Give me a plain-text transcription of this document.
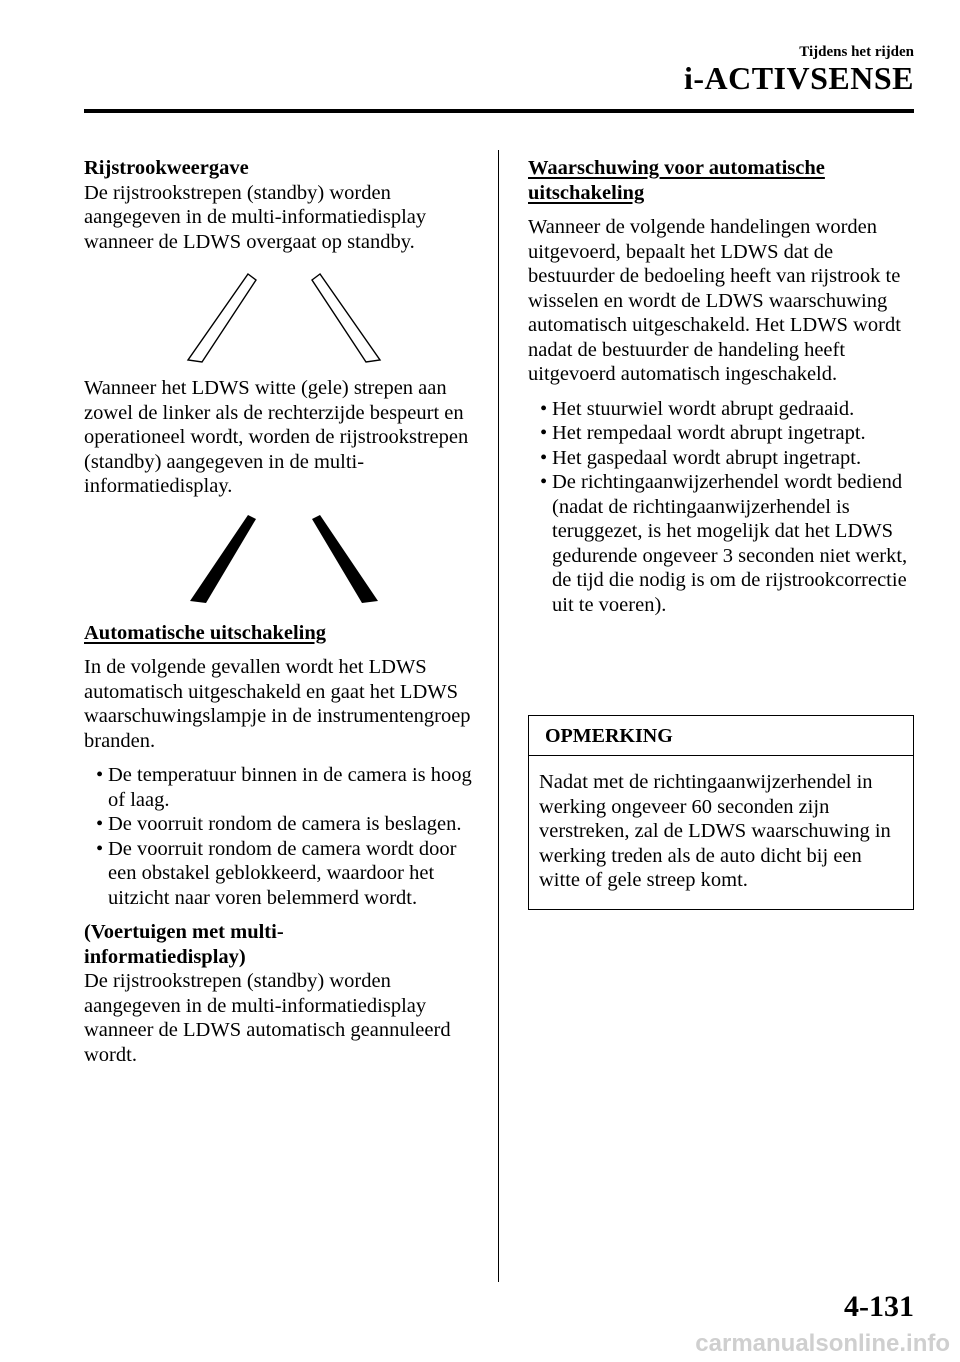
Tijdens het rijden
i-ACTIVSENSE

Rijstrookweergave

De rijstrookstrepen (standby) worden aangegeven in de multi-informatiedisplay wanneer de LDWS overgaat op standby.

Wanneer het LDWS witte (gele) strepen aan zowel de linker als de rechterzijde bespeurt en operationeel wordt, worden de rijstrookstrepen (standby) aangegeven in de multi-informatiedisplay.

Automatische uitschakeling

In de volgende gevallen wordt het LDWS automatisch uitgeschakeld en gaat het LDWS waarschuwingslampje in de instrumentengroep branden.

• De temperatuur binnen in de camera is hoog of laag.
• De voorruit rondom de camera is beslagen.
• De voorruit rondom de camera wordt door een obstakel geblokkeerd, waardoor het uitzicht naar voren belemmerd wordt.

(Voertuigen met multi-informatiedisplay)

De rijstrookstrepen (standby) worden aangegeven in de multi-informatiedisplay wanneer de LDWS automatisch geannuleerd wordt.

Waarschuwing voor automatische uitschakeling

Wanneer de volgende handelingen worden uitgevoerd, bepaalt het LDWS dat de bestuurder de bedoeling heeft van rijstrook te wisselen en wordt de LDWS waarschuwing automatisch uitgeschakeld. Het LDWS wordt nadat de bestuurder de handeling heeft uitgevoerd automatisch ingeschakeld.

• Het stuurwiel wordt abrupt gedraaid.
• Het rempedaal wordt abrupt ingetrapt.
• Het gaspedaal wordt abrupt ingetrapt.
• De richtingaanwijzerhendel wordt bediend (nadat de richtingaanwijzerhendel is teruggezet, is het mogelijk dat het LDWS gedurende ongeveer 3 seconden niet werkt, de tijd die nodig is om de rijstrookcorrectie uit te voeren).
OPMERKING
Nadat met de richtingaanwijzerhendel in werking ongeveer 60 seconden zijn verstreken, zal de LDWS waarschuwing in werking treden als de auto dicht bij een witte of gele streep komt.
4-131
carmanualsonline.info
